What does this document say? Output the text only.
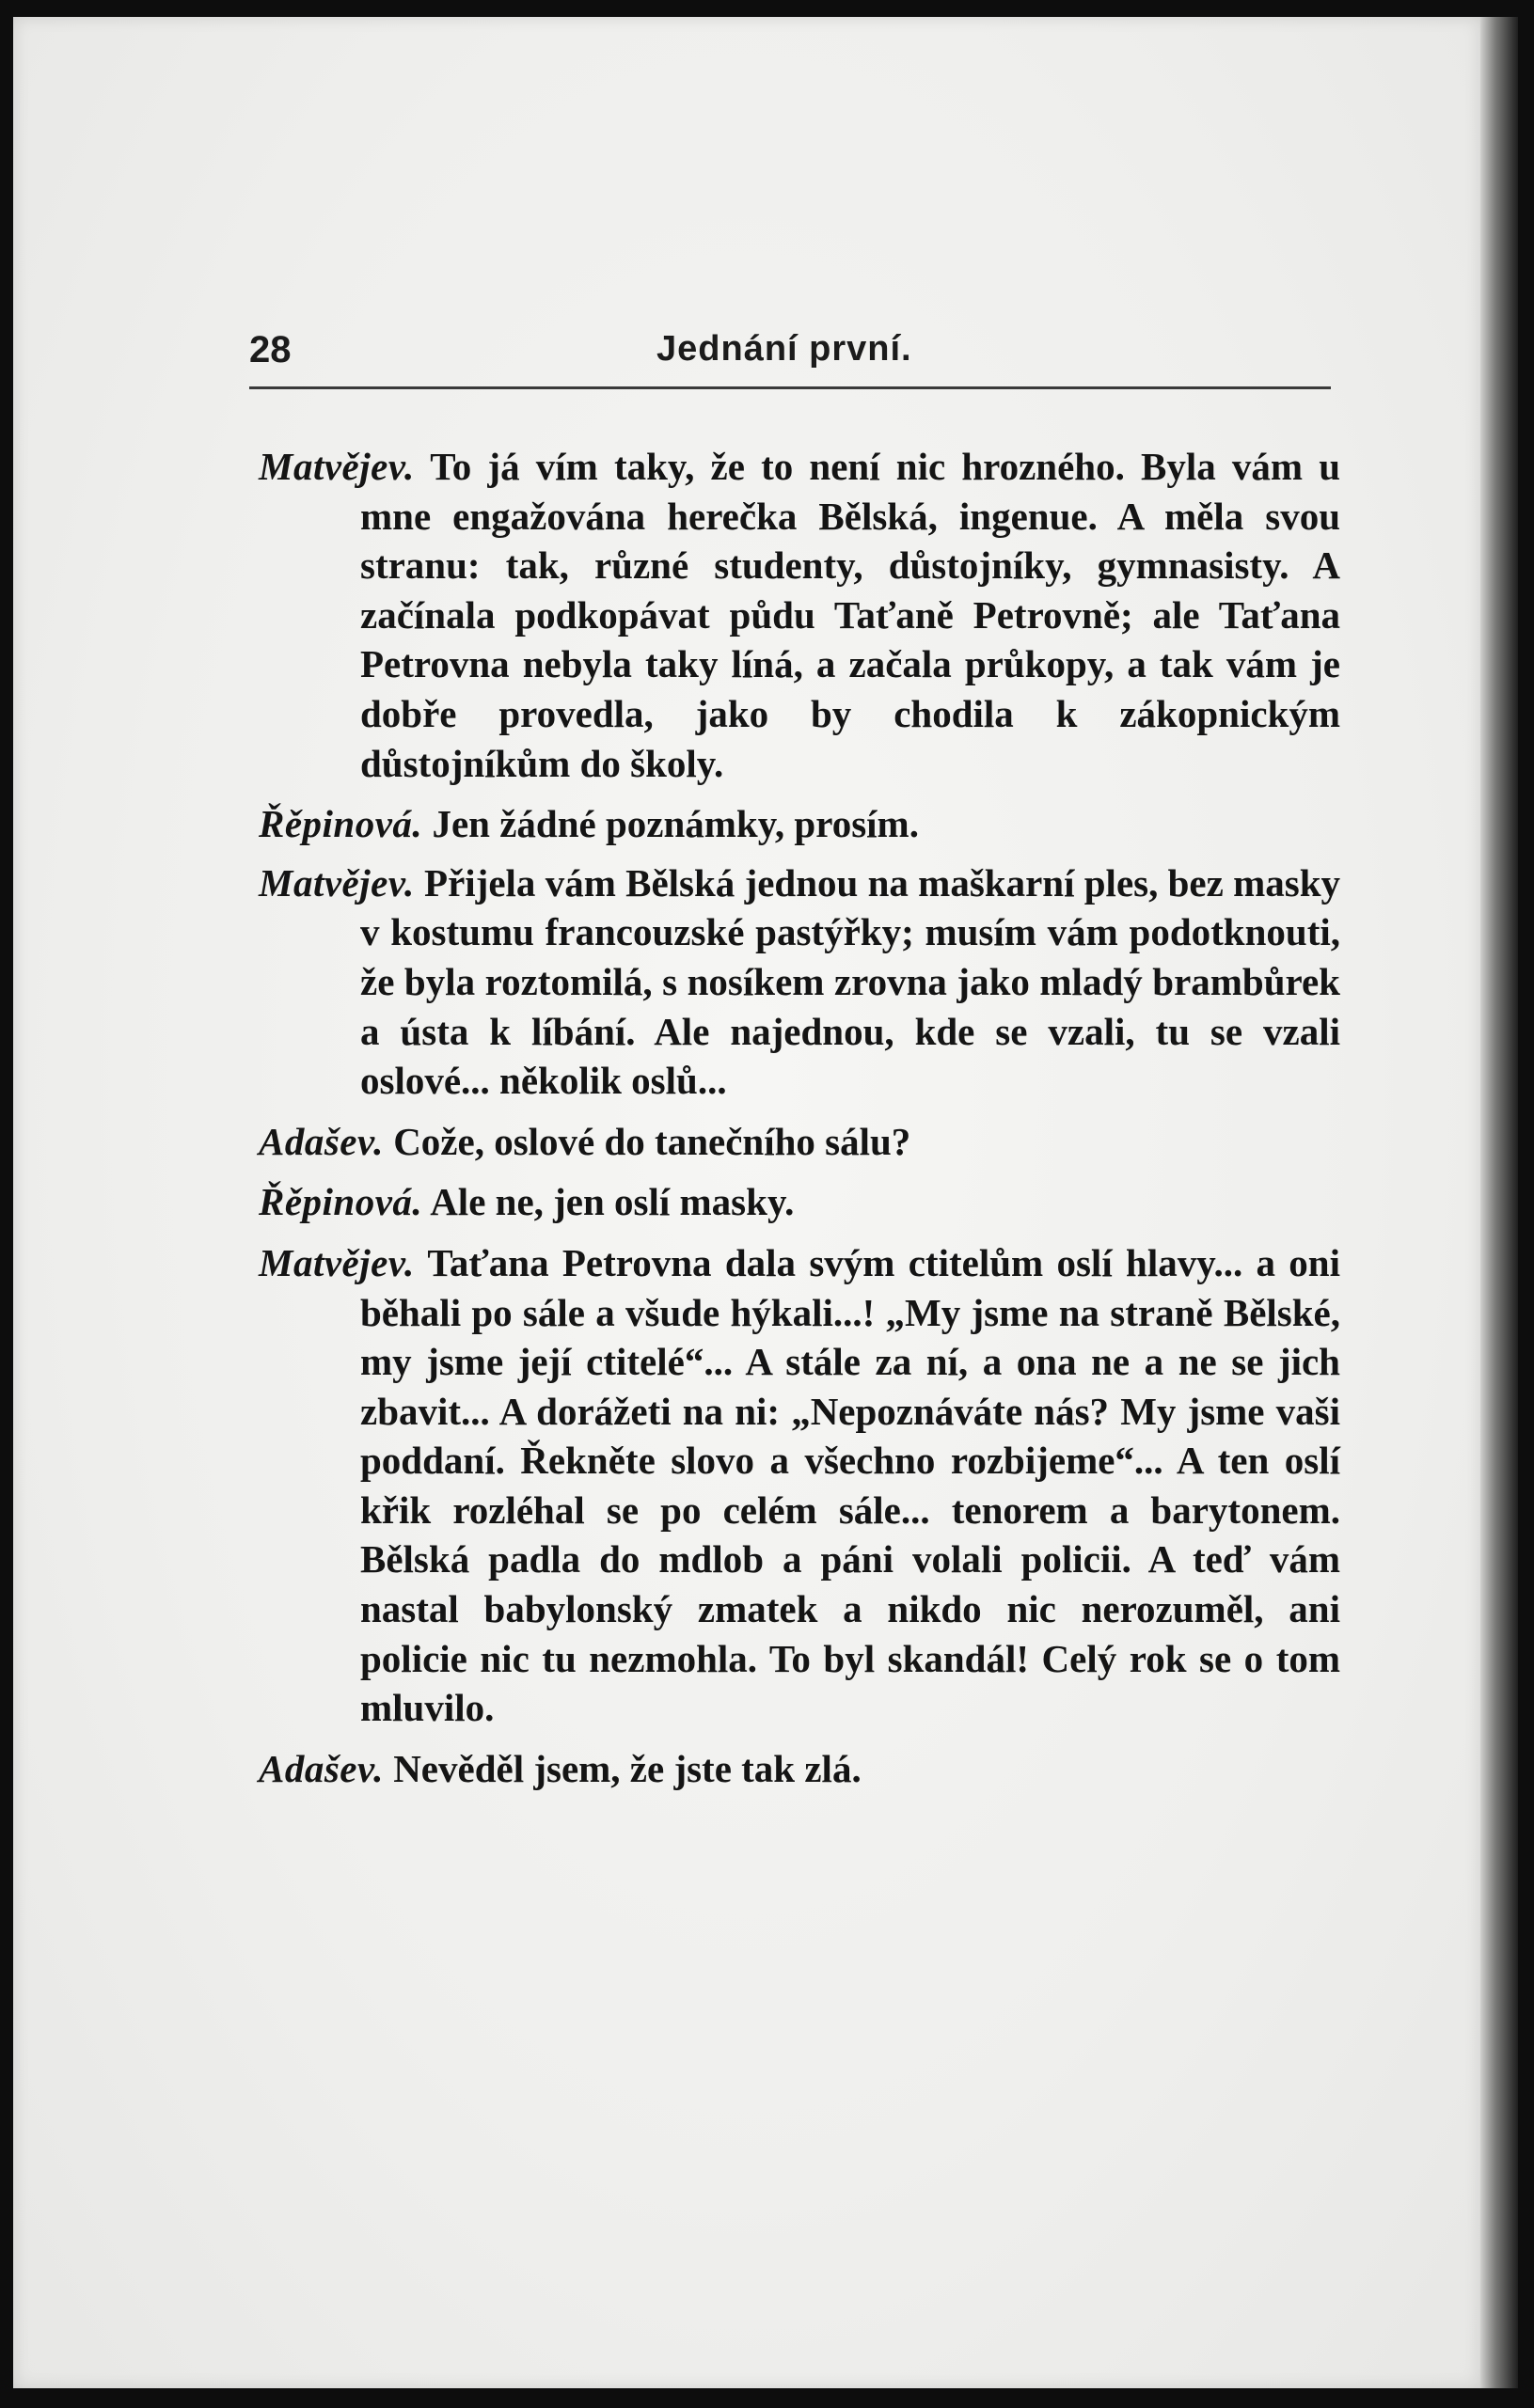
28	Jednání první.

Matvějev. To já vím taky, že to není nic hrozného. Byla vám u mne engažována herečka Bělská, ingenue. A měla svou stranu: tak, různé studenty, důstojníky, gymnasisty. A začínala podkopávat půdu Taťaně Petrovně; ale Taťana Petrovna nebyla taky líná, a začala průkopy, a tak vám je dobře provedla, jako by chodila k zákopnickým důstojníkům do školy.

Řěpinová. Jen žádné poznámky, prosím.

Matvějev. Přijela vám Bělská jednou na maškarní ples, bez masky v kostumu francouzské pastýřky; musím vám podotknouti, že byla roztomilá, s nosíkem zrovna jako mladý brambůrek a ústa k líbání. Ale najednou, kde se vzali, tu se vzali oslové... několik oslů...

Adašev. Cože, oslové do tanečního sálu?

Řěpinová. Ale ne, jen oslí masky.

Matvějev. Taťana Petrovna dala svým ctitelům oslí hlavy... a oni běhali po sále a všude hýkali...! „My jsme na straně Bělské, my jsme její ctitelé“... A stále za ní, a ona ne a ne se jich zbavit... A dorážeti na ni: „Nepoznáváte nás? My jsme vaši poddaní. Řekněte slovo a všechno rozbijeme“... A ten oslí křik rozléhal se po celém sále... tenorem a barytonem. Bělská padla do mdlob a páni volali policii. A teď vám nastal babylonský zmatek a nikdo nic nerozuměl, ani policie nic tu nezmohla. To byl skandál! Celý rok se o tom mluvilo.

Adašev. Nevěděl jsem, že jste tak zlá.
